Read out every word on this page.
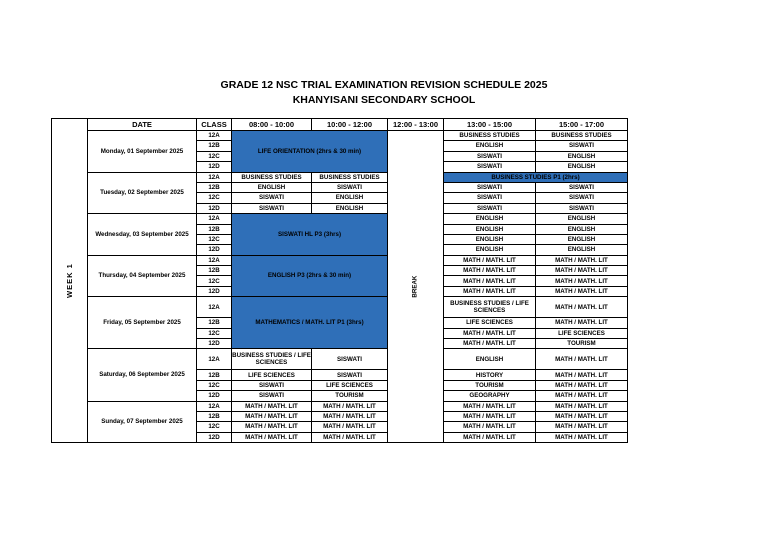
GRADE 12 NSC TRIAL EXAMINATION REVISION SCHEDULE 2025
KHANYISANI SECONDARY SCHOOL
WEEK 1	DATE	CLASS	08:00 - 10:00	10:00 - 12:00	12:00 - 13:00	13:00 - 15:00	15:00 - 17:00
	Monday, 01 September 2025	12A	LIFE ORIENTATION (2hrs & 30 min)		BREAK	BUSINESS STUDIES	BUSINESS STUDIES
		12B				ENGLISH	SISWATI
		12C				SISWATI	ENGLISH
		12D				SISWATI	ENGLISH
	Tuesday, 02 September 2025	12A	BUSINESS STUDIES	BUSINESS STUDIES		BUSINESS STUDIES P1 (2hrs)	
		12B	ENGLISH	SISWATI		SISWATI	SISWATI
		12C	SISWATI	ENGLISH		SISWATI	SISWATI
		12D	SISWATI	ENGLISH		SISWATI	SISWATI
	Wednesday, 03 September 2025	12A	SISWATI HL P3 (3hrs)			ENGLISH	ENGLISH
		12B				ENGLISH	ENGLISH
		12C				ENGLISH	ENGLISH
		12D				ENGLISH	ENGLISH
	Thursday, 04 September 2025	12A	ENGLISH P3 (2hrs & 30 min)			MATH / MATH. LIT	MATH / MATH. LIT
		12B				MATH / MATH. LIT	MATH / MATH. LIT
		12C				MATH / MATH. LIT	MATH / MATH. LIT
		12D				MATH / MATH. LIT	MATH / MATH. LIT
	Friday, 05 September 2025	12A	MATHEMATICS / MATH. LIT P1 (3hrs)			BUSINESS STUDIES / LIFE SCIENCES	MATH / MATH. LIT
		12B				LIFE SCIENCES	MATH / MATH. LIT
		12C				MATH / MATH. LIT	LIFE SCIENCES
		12D				MATH / MATH. LIT	TOURISM
	Saturday, 06 September 2025	12A	BUSINESS STUDIES / LIFE SCIENCES	SISWATI		ENGLISH	MATH / MATH. LIT
		12B	LIFE SCIENCES	SISWATI		HISTORY	MATH / MATH. LIT
		12C	SISWATI	LIFE SCIENCES		TOURISM	MATH / MATH. LIT
		12D	SISWATI	TOURISM		GEOGRAPHY	MATH / MATH. LIT
	Sunday, 07 September 2025	12A	MATH / MATH. LIT	MATH / MATH. LIT		MATH / MATH. LIT	MATH / MATH. LIT
		12B	MATH / MATH. LIT	MATH / MATH. LIT		MATH / MATH. LIT	MATH / MATH. LIT
		12C	MATH / MATH. LIT	MATH / MATH. LIT		MATH / MATH. LIT	MATH / MATH. LIT
		12D	MATH / MATH. LIT	MATH / MATH. LIT		MATH / MATH. LIT	MATH / MATH. LIT
